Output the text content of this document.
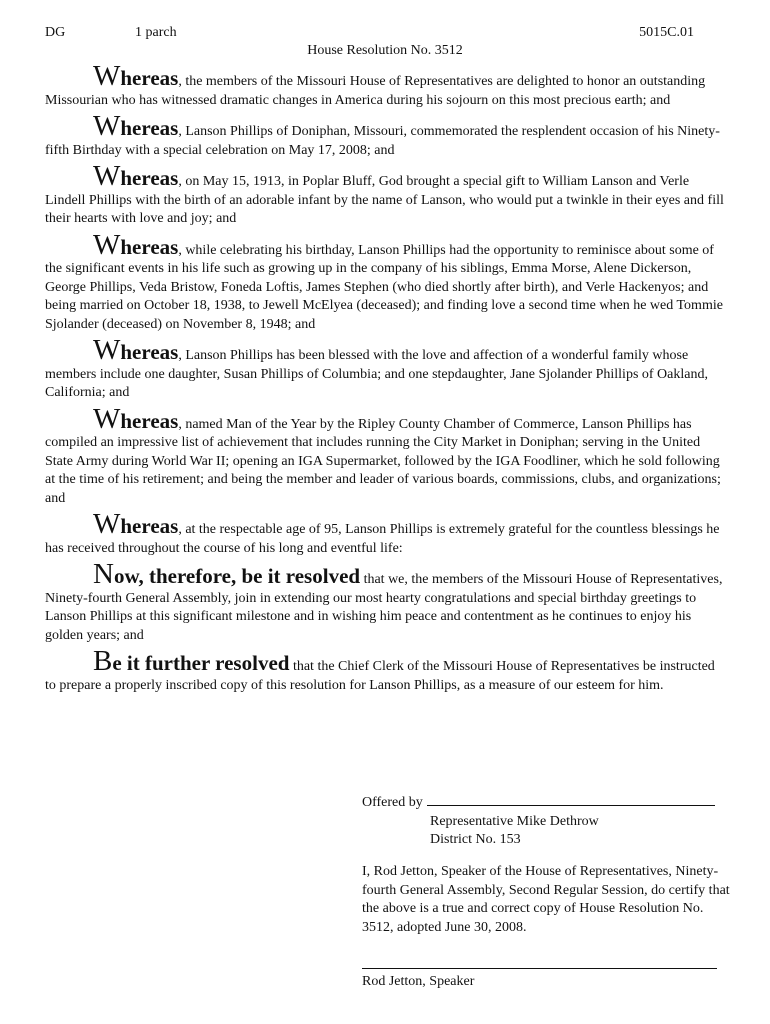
DG	1 parch	5015C.01
House Resolution No. 3512

Whereas, the members of the Missouri House of Representatives are delighted to honor an outstanding Missourian who has witnessed dramatic changes in America during his sojourn on this most precious earth; and

Whereas, Lanson Phillips of Doniphan, Missouri, commemorated the resplendent occasion of his Ninety-fifth Birthday with a special celebration on May 17, 2008; and

Whereas, on May 15, 1913, in Poplar Bluff, God brought a special gift to William Lanson and Verle Lindell Phillips with the birth of an adorable infant by the name of Lanson, who would put a twinkle in their eyes and fill their hearts with love and joy; and

Whereas, while celebrating his birthday, Lanson Phillips had the opportunity to reminisce about some of the significant events in his life such as growing up in the company of his siblings, Emma Morse, Alene Dickerson, George Phillips, Veda Bristow, Foneda Loftis, James Stephen (who died shortly after birth), and Verle Hackenyos; and being married on October 18, 1938, to Jewell McElyea (deceased); and finding love a second time when he wed Tommie Sjolander (deceased) on November 8, 1948; and

Whereas, Lanson Phillips has been blessed with the love and affection of a wonderful family whose members include one daughter, Susan Phillips of Columbia; and one stepdaughter, Jane Sjolander Phillips of Oakland, California; and

Whereas, named Man of the Year by the Ripley County Chamber of Commerce, Lanson Phillips has compiled an impressive list of achievement that includes running the City Market in Doniphan; serving in the United State Army during World War II; opening an IGA Supermarket, followed by the IGA Foodliner, which he sold following at the time of his retirement; and being the member and leader of various boards, commissions, clubs, and organizations; and

Whereas, at the respectable age of 95, Lanson Phillips is extremely grateful for the countless blessings he has received throughout the course of his long and eventful life:

Now, therefore, be it resolved that we, the members of the Missouri House of Representatives, Ninety-fourth General Assembly, join in extending our most hearty congratulations and special birthday greetings to Lanson Phillips at this significant milestone and in wishing him peace and contentment as he continues to enjoy his golden years; and

Be it further resolved that the Chief Clerk of the Missouri House of Representatives be instructed to prepare a properly inscribed copy of this resolution for Lanson Phillips, as a measure of our esteem for him.

Offered by
Representative Mike Dethrow
District No. 153
I, Rod Jetton, Speaker of the House of Representatives, Ninety-fourth General Assembly, Second Regular Session, do certify that the above is a true and correct copy of House Resolution No. 3512, adopted June 30, 2008.
Rod Jetton, Speaker
